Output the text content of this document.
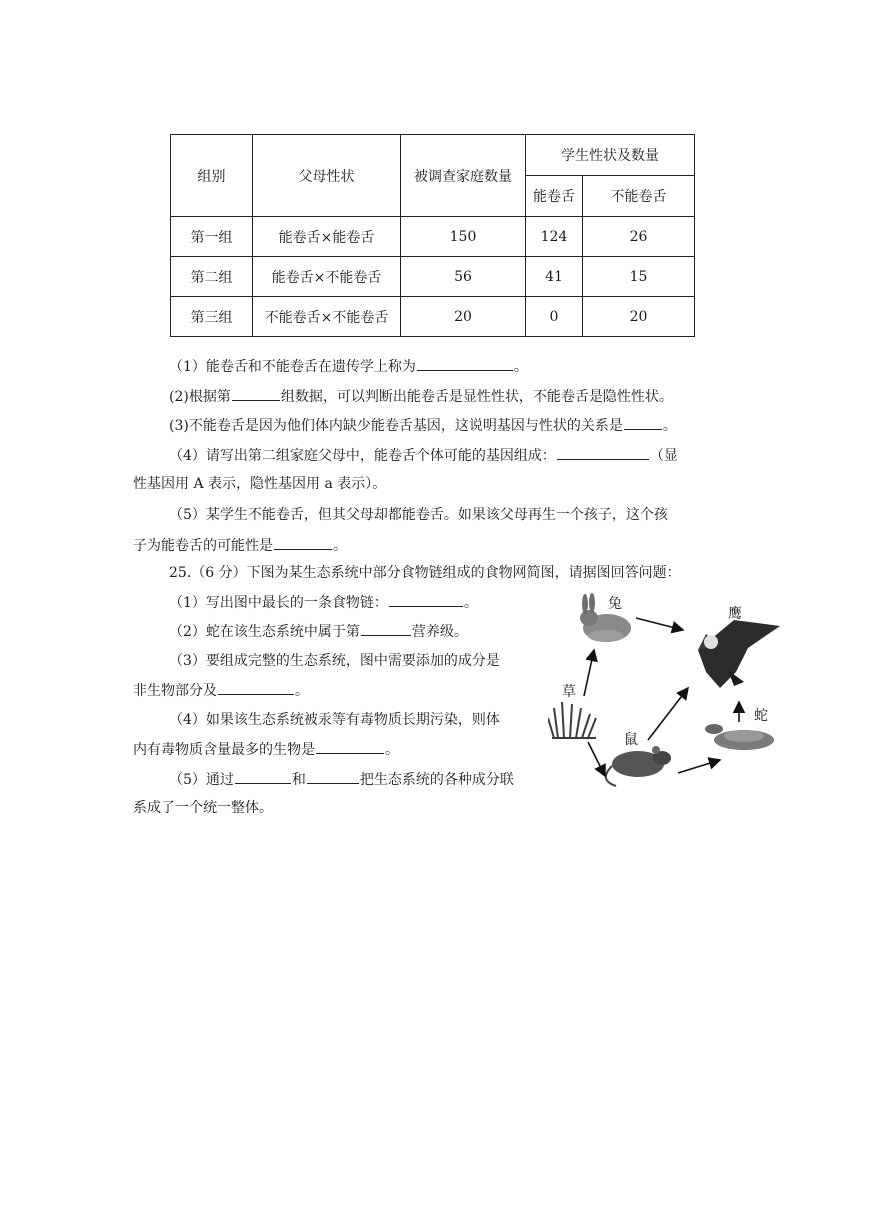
组别	父母性状	被调查家庭数量	学生性状及数量	
			能卷舌	不能卷舌
第一组	能卷舌×能卷舌	150	124	26
第二组	能卷舌×不能卷舌	56	41	15
第三组	不能卷舌×不能卷舌	20	0	20
（1）能卷舌和不能卷舌在遗传学上称为	。
(2)根据第	组数据，可以判断出能卷舌是显性性状，不能卷舌是隐性性状。
(3)不能卷舌是因为他们体内缺少能卷舌基因，这说明基因与性状的关系是	。
（4）请写出第二组家庭父母中，能卷舌个体可能的基因组成：	（显
性基因用 A 表示，隐性基因用 a 表示）。
（5）某学生不能卷舌，但其父母却都能卷舌。如果该父母再生一个孩子，这个孩
子为能卷舌的可能性是	。
25.（6 分）下图为某生态系统中部分食物链组成的食物网简图，请据图回答问题：
（1）写出图中最长的一条食物链：	。
（2）蛇在该生态系统中属于第	营养级。
（3）要组成完整的生态系统，图中需要添加的成分是
非生物部分及	。
（4）如果该生态系统被汞等有毒物质长期污染，则体
内有毒物质含量最多的生物是	。
（5）通过	和	把生态系统的各种成分联
系成了一个统一整体。
兔
鹰
草
鼠
蛇
